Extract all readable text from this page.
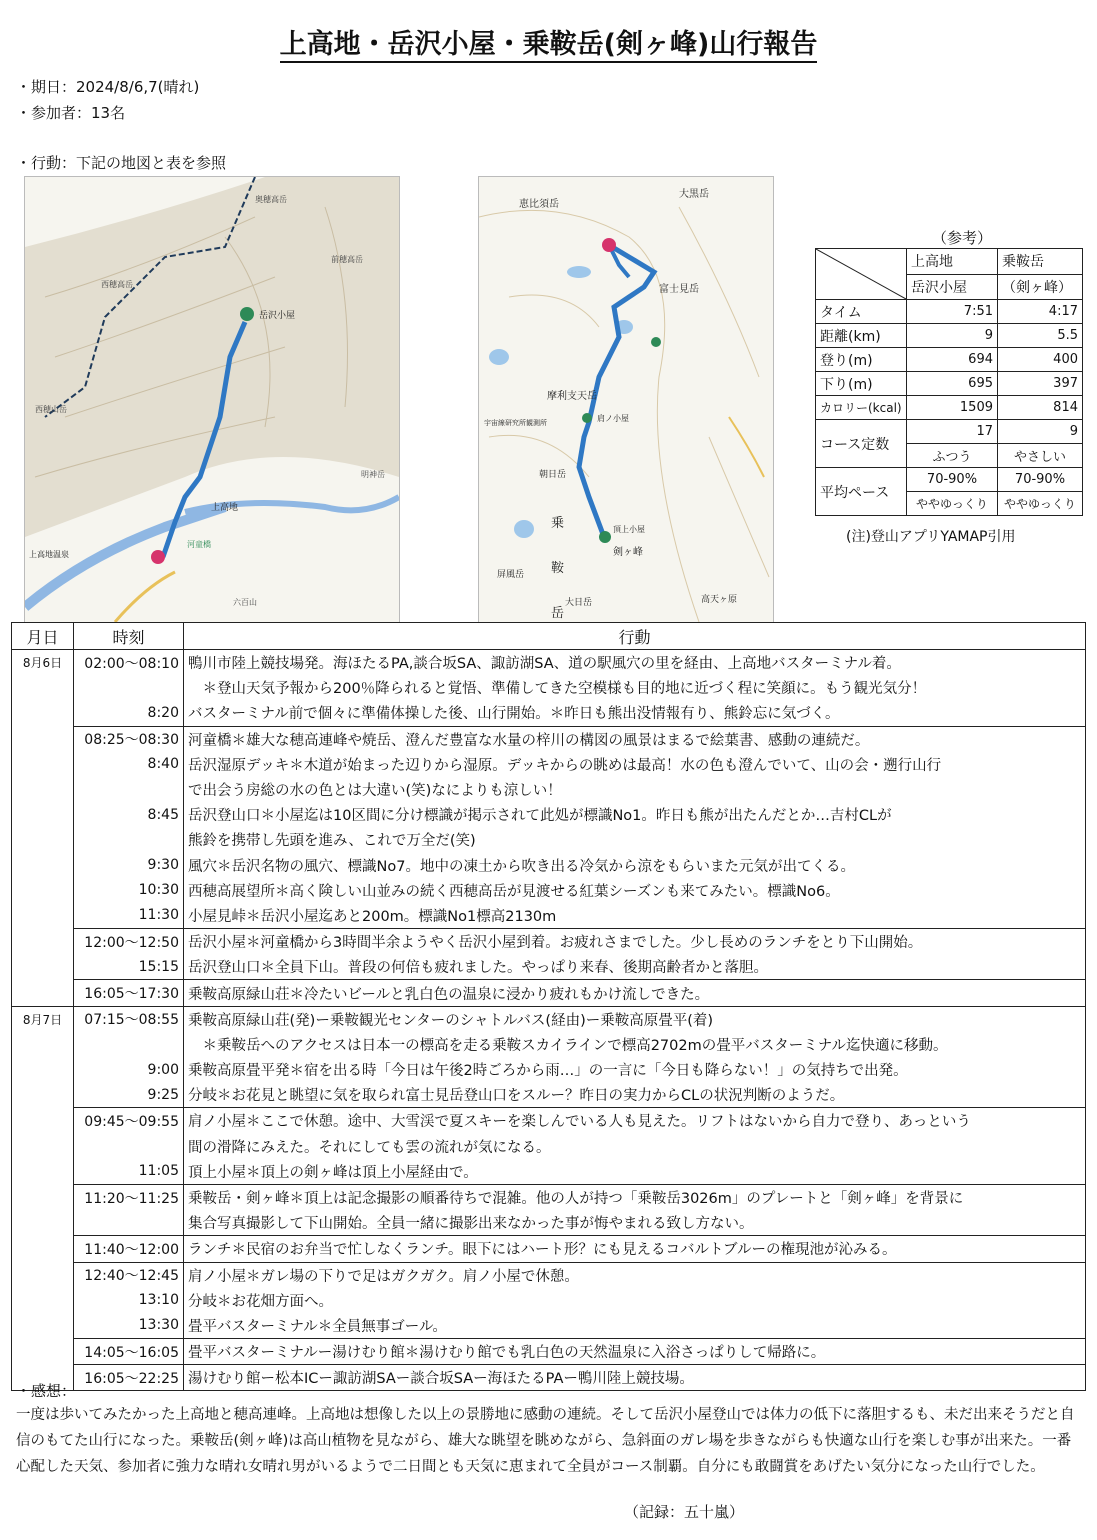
上高地・岳沢小屋・乗鞍岳(剣ヶ峰)山行報告
・期日：2024/8/6,7(晴れ)
・参加者：13名
・行動：下記の地図と表を参照
岳沢小屋
奥穂高岳
西穂高岳
前穂高岳
西穂山岳
明神岳
上高地
上高地温泉
河童橋
六百山
恵比須岳
大黒岳
富士見岳
摩利支天岳
宇宙線研究所観測所	肩ノ小屋
朝日岳
乗
鞍
岳
屏風岳
頂上小屋
剣ヶ峰
大日岳	高天ヶ原
（参考）
	上高地	乗鞍岳
	岳沢小屋	（剣ヶ峰）
タイム	7:51	4:17
距離(km)	9	5.5
登り(m)	694	400
下り(m)	695	397
カロリー(kcal)	1509	814
コース定数	17	9
	ふつう	やさしい
平均ペース	70-90%	70-90%
	ややゆっくり	ややゆっくり
(注)登山アプリYAMAP引用
月日	時刻	行動
8月6日	02:00～08:10	鴨川市陸上競技場発。海ほたるPA,談合坂SA、諏訪湖SA、道の駅風穴の里を経由、上高地バスターミナル着。
		　＊登山天気予報から200％降られると覚悟、準備してきた空模様も目的地に近づく程に笑顔に。もう観光気分！
	8:20	バスターミナル前で個々に準備体操した後、山行開始。＊昨日も熊出没情報有り、熊鈴忘に気づく。
	08:25～08:30	河童橋＊雄大な穂高連峰や焼岳、澄んだ豊富な水量の梓川の構図の風景はまるで絵葉書、感動の連続だ。
	8:40	岳沢湿原デッキ＊木道が始まった辺りから湿原。デッキからの眺めは最高！水の色も澄んでいて、山の会・遡行山行
		で出会う房総の水の色とは大違い(笑)なによりも涼しい！
	8:45	岳沢登山口＊小屋迄は10区間に分け標識が掲示されて此処が標識No1。昨日も熊が出たんだとか…吉村CLが
		熊鈴を携帯し先頭を進み、これで万全だ(笑)
	9:30	風穴＊岳沢名物の風穴、標識No7。地中の凍土から吹き出る冷気から涼をもらいまた元気が出てくる。
	10:30	西穂高展望所＊高く険しい山並みの続く西穂高岳が見渡せる紅葉シーズンも来てみたい。標識No6。
	11:30	小屋見峠＊岳沢小屋迄あと200m。標識No1標高2130m
	12:00～12:50	岳沢小屋＊河童橋から3時間半余ようやく岳沢小屋到着。お疲れさまでした。少し長めのランチをとり下山開始。
	15:15	岳沢登山口＊全員下山。普段の何倍も疲れました。やっぱり来春、後期高齢者かと落胆。
	16:05～17:30	乗鞍高原緑山荘＊冷たいビールと乳白色の温泉に浸かり疲れもかけ流しできた。
8月7日	07:15～08:55	乗鞍高原緑山荘(発)ー乗鞍観光センターのシャトルバス(経由)ー乗鞍高原畳平(着)
		　＊乗鞍岳へのアクセスは日本一の標高を走る乗鞍スカイラインで標高2702mの畳平バスターミナル迄快適に移動。
	9:00	乗鞍高原畳平発＊宿を出る時「今日は午後2時ごろから雨…」の一言に「今日も降らない！」の気持ちで出発。
	9:25	分岐＊お花見と眺望に気を取られ富士見岳登山口をスルー？昨日の実力からCLの状況判断のようだ。
	09:45～09:55	肩ノ小屋＊ここで休憩。途中、大雪渓で夏スキーを楽しんでいる人も見えた。リフトはないから自力で登り、あっという
		間の滑降にみえた。それにしても雲の流れが気になる。
	11:05	頂上小屋＊頂上の剣ヶ峰は頂上小屋経由で。
	11:20～11:25	乗鞍岳・剣ヶ峰＊頂上は記念撮影の順番待ちで混雑。他の人が持つ「乗鞍岳3026m」のプレートと「剣ヶ峰」を背景に
		集合写真撮影して下山開始。全員一緒に撮影出来なかった事が悔やまれる致し方ない。
	11:40～12:00	ランチ＊民宿のお弁当で忙しなくランチ。眼下にはハート形？にも見えるコバルトブルーの権現池が沁みる。
	12:40～12:45	肩ノ小屋＊ガレ場の下りで足はガクガク。肩ノ小屋で休憩。
	13:10	分岐＊お花畑方面へ。
	13:30	畳平バスターミナル＊全員無事ゴール。
	14:05～16:05	畳平バスターミナルー湯けむり館＊湯けむり館でも乳白色の天然温泉に入浴さっぱりして帰路に。
	16:05～22:25	湯けむり館ー松本ICー諏訪湖SAー談合坂SAー海ほたるPAー鴨川陸上競技場。
・感想：
一度は歩いてみたかった上高地と穂高連峰。上高地は想像した以上の景勝地に感動の連続。そして岳沢小屋登山では体力の低下に落胆するも、未だ出来そうだと自信のもてた山行になった。乗鞍岳(剣ヶ峰)は高山植物を見ながら、雄大な眺望を眺めながら、急斜面のガレ場を歩きながらも快適な山行を楽しむ事が出来た。一番心配した天気、参加者に強力な晴れ女晴れ男がいるようで二日間とも天気に恵まれて全員がコース制覇。自分にも敢闘賞をあげたい気分になった山行でした。
（記録：五十嵐）
